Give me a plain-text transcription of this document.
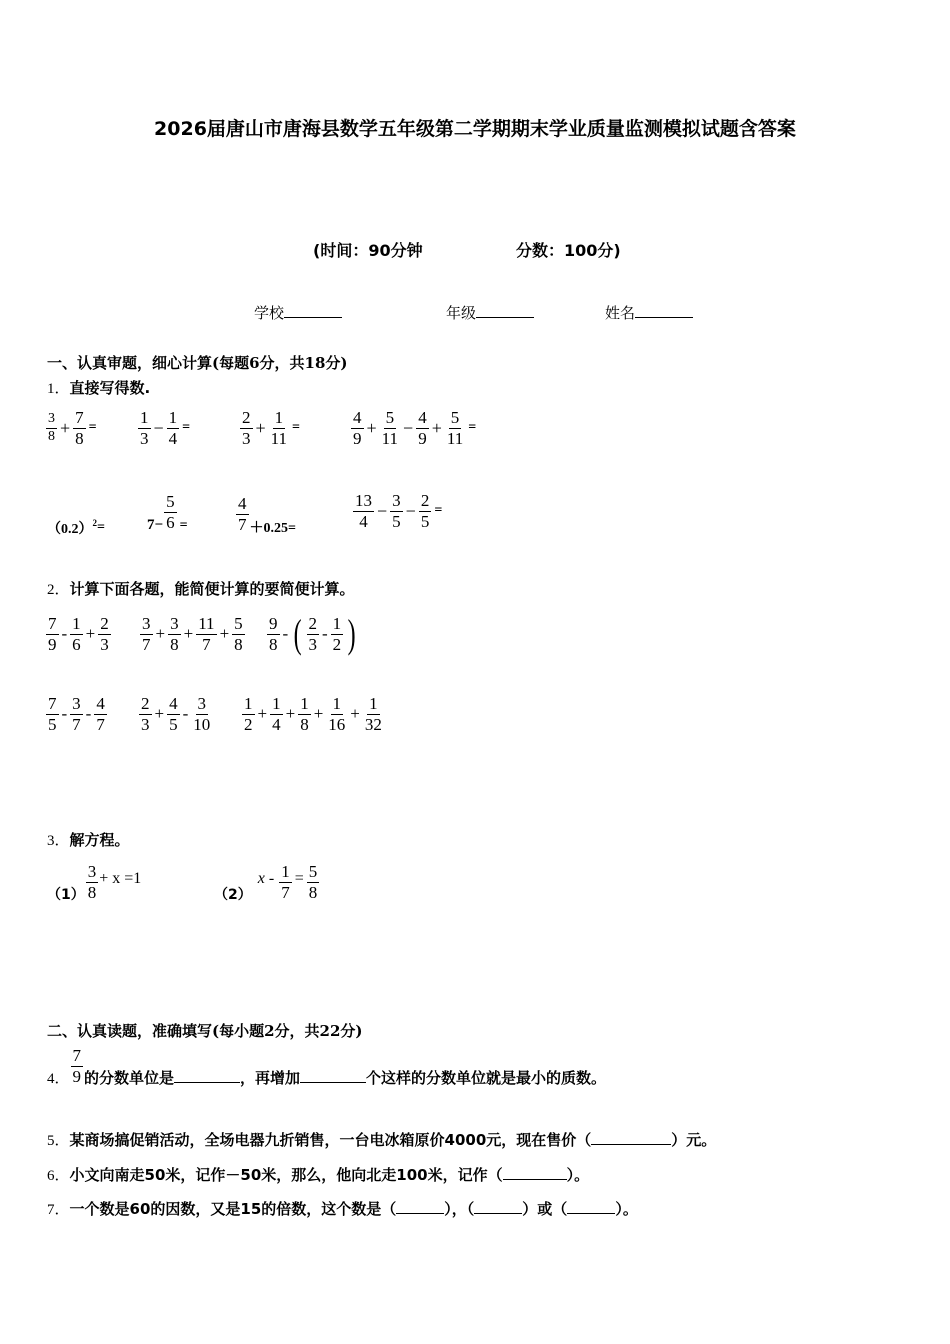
2026届唐山市唐海县数学五年级第二学期期末学业质量监测模拟试题含答案
(时间：90分钟	分数：100分)
学校	年级	姓名
一、认真审题，细心计算(每题6分，共18分)
1．直接写得数.
$\frac{3}{8} + \frac{7}{8} = \frac{1}{3} - \frac{1}{4}$ =	$\frac{2}{3} + \frac{1}{11}$ =	$\frac{4}{9} + \frac{5}{11} - \frac{4}{9} + \frac{5}{11}$ =
$(0.2)^2$ =	$7- \frac{5}{6}$ =	$\frac{4}{7} +0.25=$	$\frac{13}{4} - \frac{3}{5} - \frac{2}{5}$ =
2．计算下面各题，能简便计算的要简便计算。
$\frac{7}{9} - \frac{1}{6} + \frac{2}{3} \frac{3}{7} + \frac{3}{8} + \frac{11}{7} + \frac{5}{8} \frac{9}{8}$ - ( $\frac{2}{3} - \frac{1}{2}$ )
$\frac{7}{5} - \frac{3}{7} - \frac{4}{7} \frac{2}{3} + \frac{4}{5} - \frac{3}{10} \frac{1}{2} + \frac{1}{4} + \frac{1}{8} + \frac{1}{16} + \frac{1}{32}$
3．解方程。
$(1) \frac{3}{8} + x =1$
（2）
$x - \frac{1}{7} = \frac{5}{8}$
二、认真读题，准确填写(每小题2分，共22分)
4． $\frac{7}{9}$ 的分数单位是	，再增加	个这样的分数单位就是最小的质数。
5．某商场搞促销活动，全场电器九折销售，一台电冰箱原价4000元，现在售价（	）元。
6．小文向南走50米，记作－50米，那么，他向北走100米，记作（	）。
7．一个数是60的因数，又是15的倍数，这个数是（	），（	）或（	）。
